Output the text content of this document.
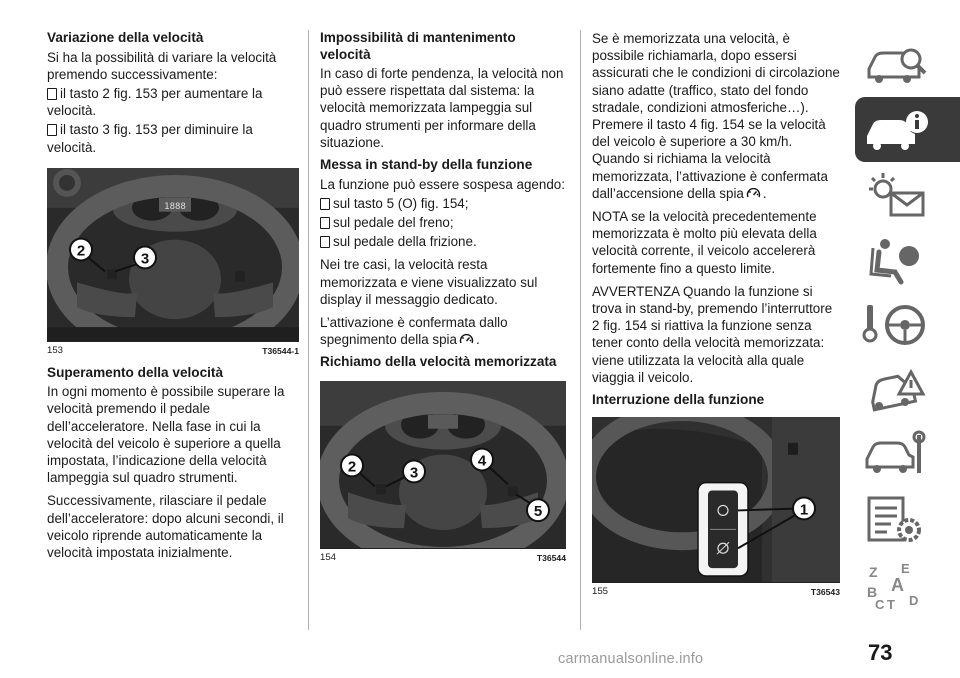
Variazione della velocità

Si ha la possibilità di variare la velocità premendo successivamente:

il tasto 2 fig. 153 per aumentare la velocità.

il tasto 3 fig. 153 per diminuire la velocità.

1888
2	3
153	T36544-1
Superamento della velocità

In ogni momento è possibile superare la velocità premendo il pedale dell’acceleratore. Nella fase in cui la velocità del veicolo è superiore a quella impostata, l’indicazione della velocità lampeggia sul quadro strumenti.

Successivamente, rilasciare il pedale dell’acceleratore: dopo alcuni secondi, il veicolo riprende automaticamente la velocità impostata inizialmente.

Impossibilità di mantenimento velocità

In caso di forte pendenza, la velocità non può essere rispettata dal sistema: la velocità memorizzata lampeggia sul quadro strumenti per informare della situazione.

Messa in stand-by della funzione

La funzione può essere sospesa agendo:

sul tasto 5 (O) fig. 154;

sul pedale del freno;

sul pedale della frizione.

Nei tre casi, la velocità resta memorizzata e viene visualizzato sul display il messaggio dedicato.

L’attivazione è confermata dallo spegnimento della spia .

Richiamo della velocità memorizzata
2	3
4
5
154	T36544

Se è memorizzata una velocità, è possibile richiamarla, dopo essersi assicurati che le condizioni di circolazione siano adatte (traffico, stato del fondo stradale, condizioni atmosferiche…). Premere il tasto 4 fig. 154 se la velocità del veicolo è superiore a 30 km/h. Quando si richiama la velocità memorizzata, l’attivazione è confermata dall’accensione della spia .

NOTA se la velocità precedentemente memorizzata è molto più elevata della velocità corrente, il veicolo accelererà fortemente fino a questo limite.

AVVERTENZA Quando la funzione si trova in stand-by, premendo l’interruttore 2 fig. 154 si riattiva la funzione senza tener conto della velocità memorizzata: viene utilizzata la velocità alla quale viaggia il veicolo.

Interruzione della funzione
1
155	T36543
Z E
B A
C T D
73
carmanualsonline.info
